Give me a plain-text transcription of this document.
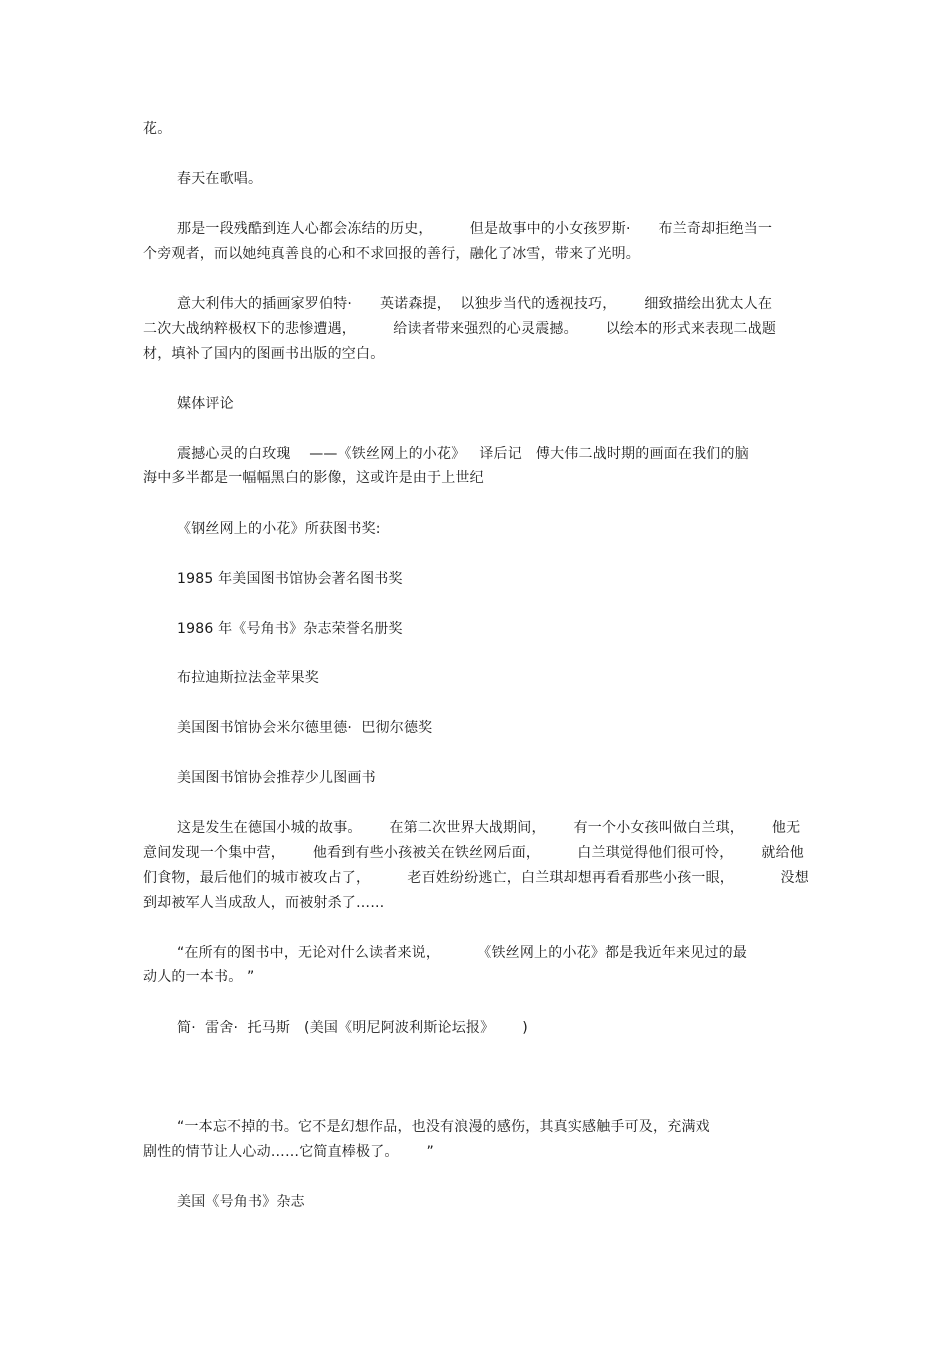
花。

春天在歌唱。

那是一段残酷到连人心都会冻结的历史，        但是故事中的小女孩罗斯·      布兰奇却拒绝当一

个旁观者，而以她纯真善良的心和不求回报的善行，融化了冰雪，带来了光明。

意大利伟大的插画家罗伯特·      英诺森提，  以独步当代的透视技巧，      细致描绘出犹太人在

二次大战纳粹极权下的悲惨遭遇，        给读者带来强烈的心灵震撼。      以绘本的形式来表现二战题

材，填补了国内的图画书出版的空白。

媒体评论

震撼心灵的白玫瑰    ——《铁丝网上的小花》   译后记   傅大伟二战时期的画面在我们的脑

海中多半都是一幅幅黑白的影像，这或许是由于上世纪

《钢丝网上的小花》所获图书奖:

1985 年美国图书馆协会著名图书奖

1986 年《号角书》杂志荣誉名册奖

布拉迪斯拉法金苹果奖

美国图书馆协会米尔德里德·  巴彻尔德奖

美国图书馆协会推荐少儿图画书

这是发生在德国小城的故事。      在第二次世界大战期间，      有一个小女孩叫做白兰琪，      他无

意间发现一个集中营，      他看到有些小孩被关在铁丝网后面，        白兰琪觉得他们很可怜，      就给他

们食物，最后他们的城市被攻占了，        老百姓纷纷逃亡，白兰琪却想再看看那些小孩一眼，          没想

到却被军人当成敌人，而被射杀了……

“在所有的图书中，无论对什么读者来说，        《铁丝网上的小花》都是我近年来见过的最

动人的一本书。 ”

简·  雷舍·  托马斯   (美国《明尼阿波利斯论坛报》      )

“一本忘不掉的书。它不是幻想作品，也没有浪漫的感伤，其真实感触手可及，充满戏

剧性的情节让人心动……它简直棒极了。      ”

美国《号角书》杂志
